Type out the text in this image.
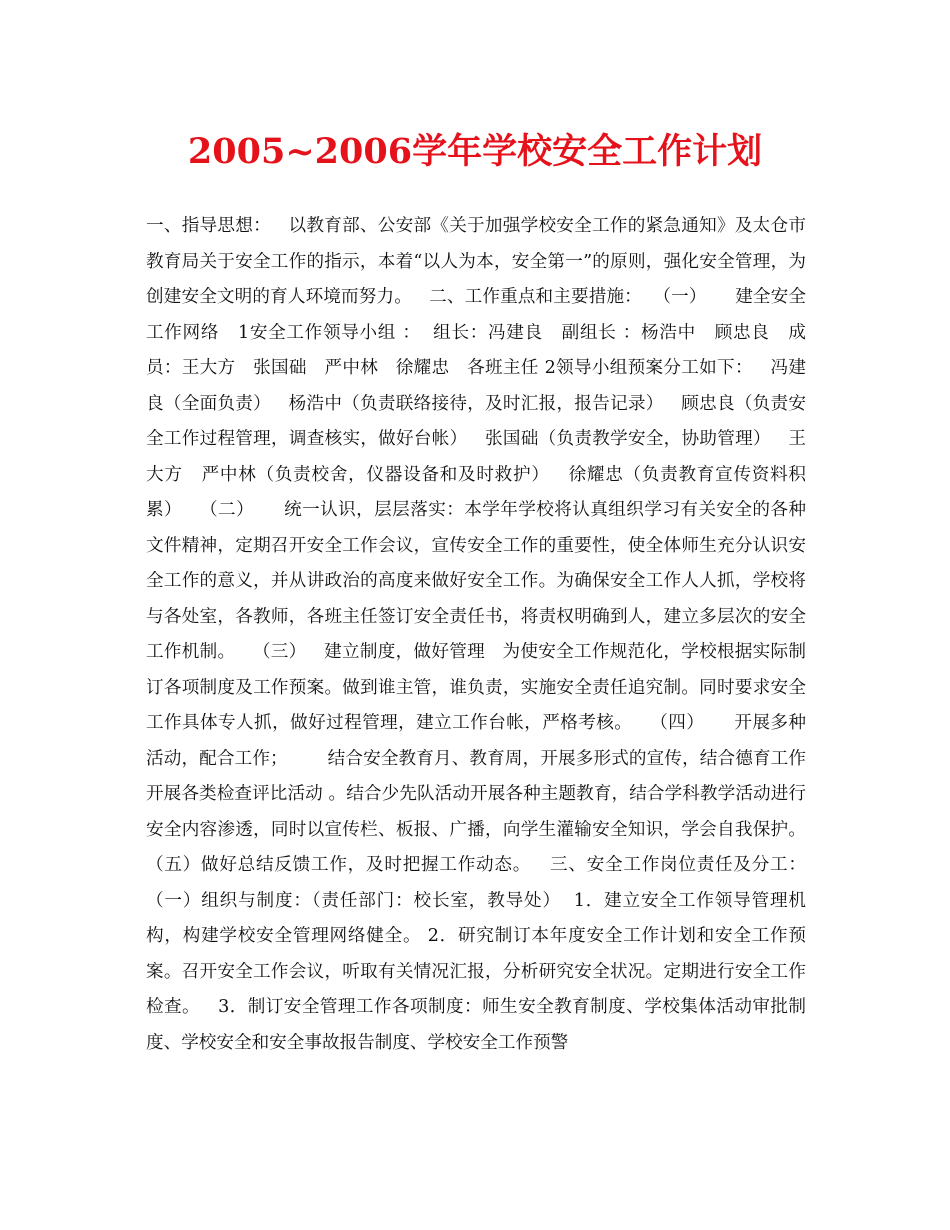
2005~2006学年学校安全工作计划

一、指导思想：   以教育部、公安部《关于加强学校安全工作的紧急通知》及太仓市教育局关于安全工作的指示，本着“以人为本，安全第一”的原则，强化安全管理，为创建安全文明的育人环境而努力。   二、工作重点和主要措施：  （一）     建全安全工作网络   1安全工作领导小组 ：  组长：冯建良   副组长 ：杨浩中   顾忠良   成员：王大方   张国础   严中林   徐耀忠   各班主任 2领导小组预案分工如下：   冯建良（全面负责）   杨浩中（负责联络接待，及时汇报，报告记录）   顾忠良（负责安全工作过程管理，调查核实，做好台帐）   张国础（负责教学安全，协助管理）   王大方   严中林（负责校舍，仪器设备和及时救护）   徐耀忠（负责教育宣传资料积累）   （二）     统一认识，层层落实：本学年学校将认真组织学习有关安全的各种文件精神，定期召开安全工作会议，宣传安全工作的重要性，使全体师生充分认识安全工作的意义，并从讲政治的高度来做好安全工作。为确保安全工作人人抓，学校将与各处室，各教师，各班主任签订安全责任书，将责权明确到人，建立多层次的安全工作机制。   （三）   建立制度，做好管理   为使安全工作规范化，学校根据实际制订各项制度及工作预案。做到谁主管，谁负责，实施安全责任追究制。同时要求安全工作具体专人抓，做好过程管理，建立工作台帐，严格考核。   （四）     开展多种活动，配合工作；       结合安全教育月、教育周，开展多形式的宣传，结合德育工作开展各类检查评比活动 。结合少先队活动开展各种主题教育，结合学科教学活动进行安全内容渗透，同时以宣传栏、板报、广播，向学生灌输安全知识，学会自我保护。    （五）做好总结反馈工作，及时把握工作动态。   三、安全工作岗位责任及分工：   （一）组织与制度：（责任部门：校长室，教导处）  1．建立安全工作领导管理机构，构建学校安全管理网络健全。 2．研究制订本年度安全工作计划和安全工作预案。召开安全工作会议，听取有关情况汇报，分析研究安全状况。定期进行安全工作检查。   3．制订安全管理工作各项制度：师生安全教育制度、学校集体活动审批制度、学校安全和安全事故报告制度、学校安全工作预警
